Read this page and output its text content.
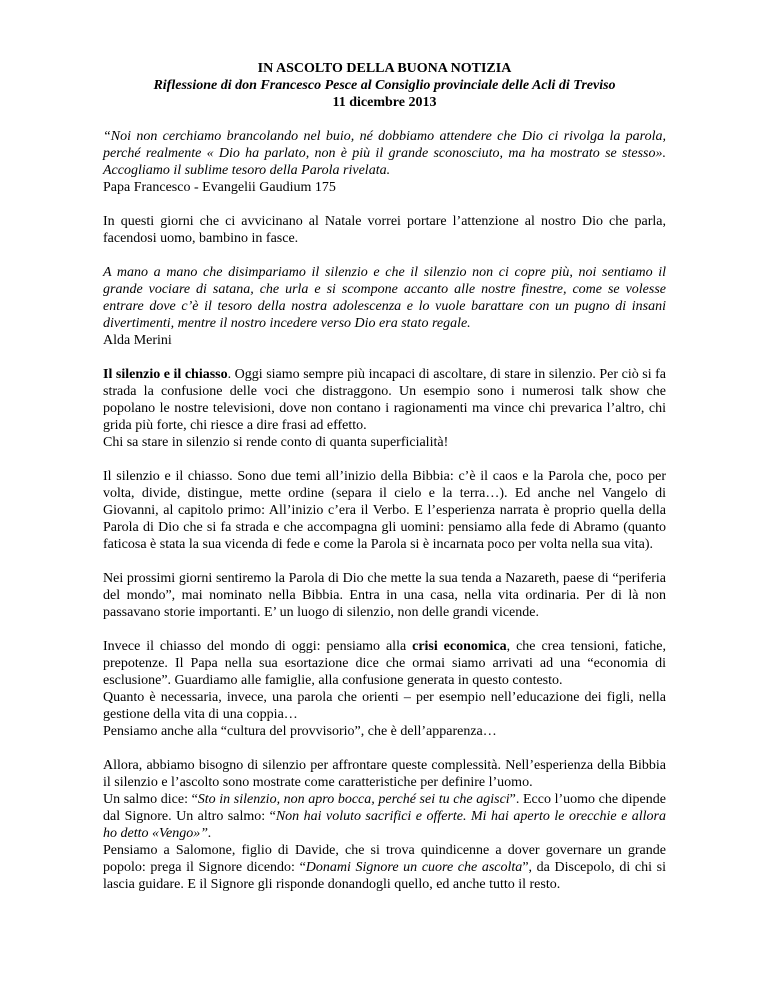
IN ASCOLTO DELLA BUONA NOTIZIA
Riflessione di don Francesco Pesce al Consiglio provinciale delle Acli di Treviso
11 dicembre 2013

“Noi non cerchiamo brancolando nel buio, né dobbiamo attendere che Dio ci rivolga la parola, perché realmente « Dio ha parlato, non è più il grande sconosciuto, ma ha mostrato se stesso». Accogliamo il sublime tesoro della Parola rivelata.

Papa Francesco - Evangelii Gaudium 175

In questi giorni che ci avvicinano al Natale vorrei portare l’attenzione al nostro Dio che parla, facendosi uomo, bambino in fasce.

A mano a mano che disimpariamo il silenzio e che il silenzio non ci copre più, noi sentiamo il grande vociare di satana, che urla e si scompone accanto alle nostre finestre, come se volesse entrare dove c’è il tesoro della nostra adolescenza e lo vuole barattare con un pugno di insani divertimenti, mentre il nostro incedere verso Dio era stato regale.

Alda Merini

Il silenzio e il chiasso. Oggi siamo sempre più incapaci di ascoltare, di stare in silenzio. Per ciò si fa strada la confusione delle voci che distraggono. Un esempio sono i numerosi talk show che popolano le nostre televisioni, dove non contano i ragionamenti ma vince chi prevarica l’altro, chi grida più forte, chi riesce a dire frasi ad effetto.

Chi sa stare in silenzio si rende conto di quanta superficialità!

Il silenzio e il chiasso. Sono due temi all’inizio della Bibbia: c’è il caos e la Parola che, poco per volta, divide, distingue, mette ordine (separa il cielo e la terra…). Ed anche nel Vangelo di Giovanni, al capitolo primo: All’inizio c’era il Verbo. E l’esperienza narrata è proprio quella della Parola di Dio che si fa strada e che accompagna gli uomini: pensiamo alla fede di Abramo (quanto faticosa è stata la sua vicenda di fede e come la Parola si è incarnata poco per volta nella sua vita).

Nei prossimi giorni sentiremo la Parola di Dio che mette la sua tenda a Nazareth, paese di “periferia del mondo”, mai nominato nella Bibbia. Entra in una casa, nella vita ordinaria. Per di là non passavano storie importanti. E’ un luogo di silenzio, non delle grandi vicende.

Invece il chiasso del mondo di oggi: pensiamo alla crisi economica, che crea tensioni, fatiche, prepotenze. Il Papa nella sua esortazione dice che ormai siamo arrivati ad una “economia di esclusione”. Guardiamo alle famiglie, alla confusione generata in questo contesto.

Quanto è necessaria, invece, una parola che orienti – per esempio nell’educazione dei figli, nella gestione della vita di una coppia…

Pensiamo anche alla “cultura del provvisorio”, che è dell’apparenza…

Allora, abbiamo bisogno di silenzio per affrontare queste complessità. Nell’esperienza della Bibbia il silenzio e l’ascolto sono mostrate come caratteristiche per definire l’uomo.

Un salmo dice: “Sto in silenzio, non apro bocca, perché sei tu che agisci”. Ecco l’uomo che dipende dal Signore. Un altro salmo: “Non hai voluto sacrifici e offerte. Mi hai aperto le orecchie e allora ho detto «Vengo»”.

Pensiamo a Salomone, figlio di Davide, che si trova quindicenne a dover governare un grande popolo: prega il Signore dicendo: “Donami Signore un cuore che ascolta”, da Discepolo, di chi si lascia guidare. E il Signore gli risponde donandogli quello, ed anche tutto il resto.
